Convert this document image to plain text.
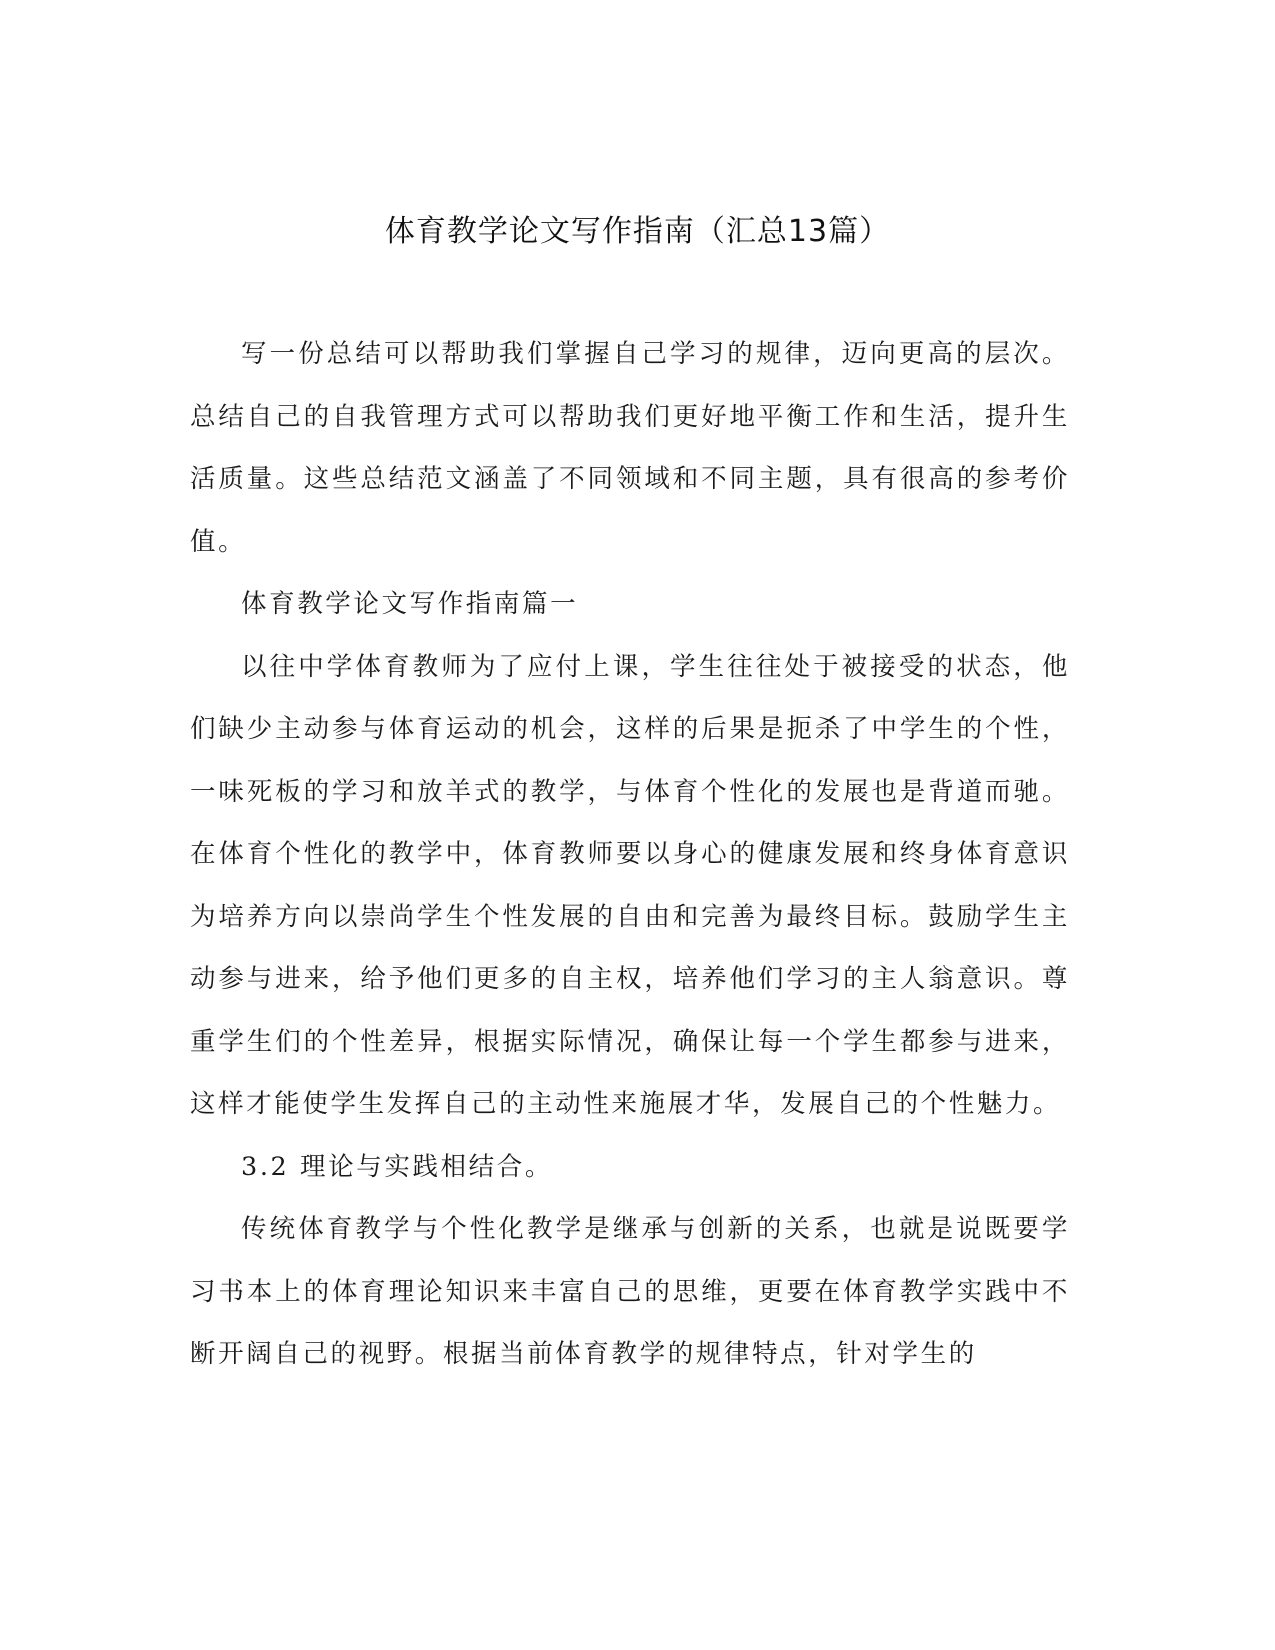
体育教学论文写作指南（汇总13篇）

写一份总结可以帮助我们掌握自己学习的规律，迈向更高的层次。总结自己的自我管理方式可以帮助我们更好地平衡工作和生活，提升生活质量。这些总结范文涵盖了不同领域和不同主题，具有很高的参考价值。

体育教学论文写作指南篇一

以往中学体育教师为了应付上课，学生往往处于被接受的状态，他们缺少主动参与体育运动的机会，这样的后果是扼杀了中学生的个性，一味死板的学习和放羊式的教学，与体育个性化的发展也是背道而驰。在体育个性化的教学中，体育教师要以身心的健康发展和终身体育意识为培养方向以崇尚学生个性发展的自由和完善为最终目标。鼓励学生主动参与进来，给予他们更多的自主权，培养他们学习的主人翁意识。尊重学生们的个性差异，根据实际情况，确保让每一个学生都参与进来，这样才能使学生发挥自己的主动性来施展才华，发展自己的个性魅力。

3.2 理论与实践相结合。

传统体育教学与个性化教学是继承与创新的关系，也就是说既要学习书本上的体育理论知识来丰富自己的思维，更要在体育教学实践中不断开阔自己的视野。根据当前体育教学的规律特点，针对学生的
